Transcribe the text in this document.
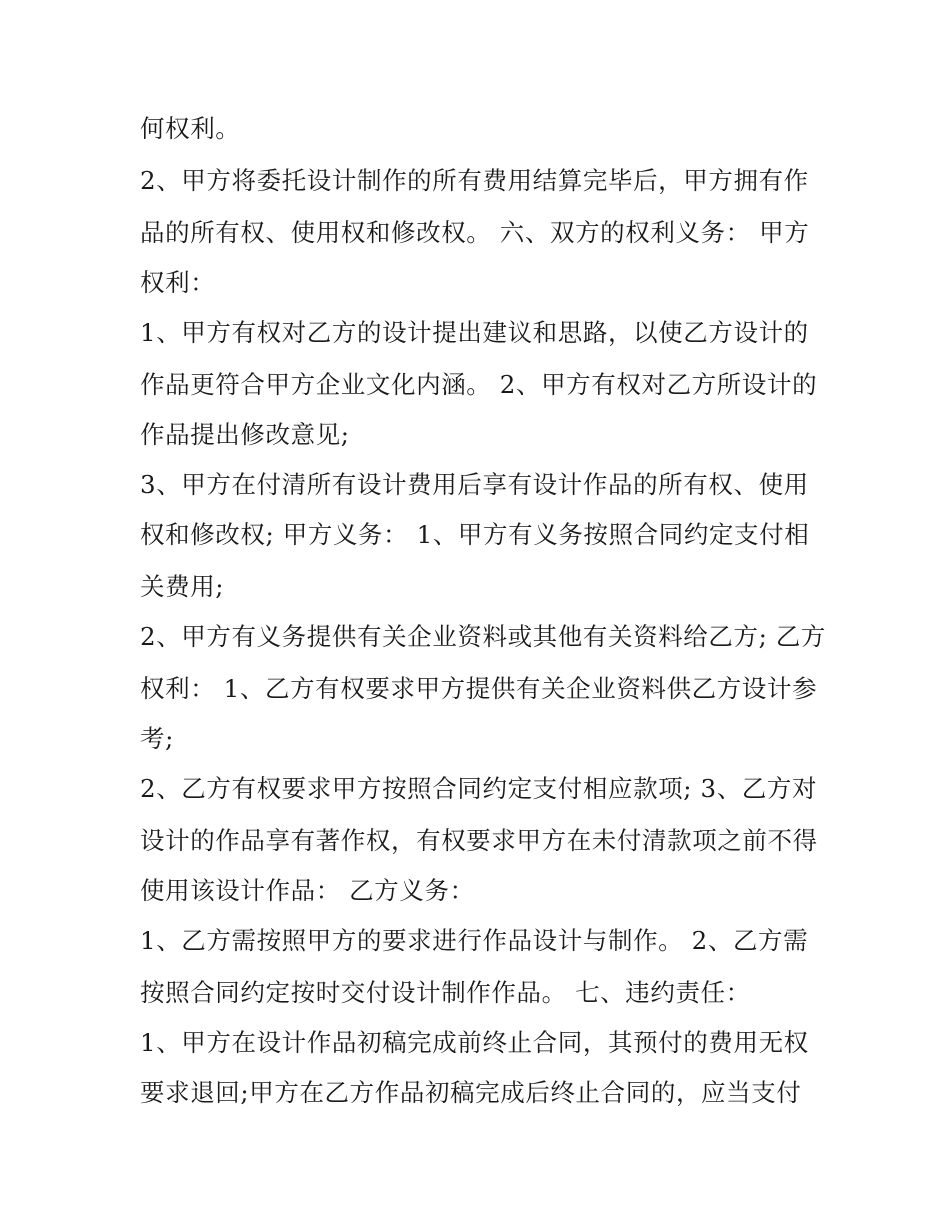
何权利。
2、甲方将委托设计制作的所有费用结算完毕后，甲方拥有作
品的所有权、使用权和修改权。 六、双方的权利义务： 甲方
权利：
1、甲方有权对乙方的设计提出建议和思路，以使乙方设计的
作品更符合甲方企业文化内涵。 2、甲方有权对乙方所设计的
作品提出修改意见;
3、甲方在付清所有设计费用后享有设计作品的所有权、使用
权和修改权; 甲方义务： 1、甲方有义务按照合同约定支付相
关费用;
2、甲方有义务提供有关企业资料或其他有关资料给乙方; 乙方
权利： 1、乙方有权要求甲方提供有关企业资料供乙方设计参
考;
2、乙方有权要求甲方按照合同约定支付相应款项; 3、乙方对
设计的作品享有著作权，有权要求甲方在未付清款项之前不得
使用该设计作品： 乙方义务：
1、乙方需按照甲方的要求进行作品设计与制作。 2、乙方需
按照合同约定按时交付设计制作作品。 七、违约责任：
1、甲方在设计作品初稿完成前终止合同，其预付的费用无权
要求退回;甲方在乙方作品初稿完成后终止合同的，应当支付
